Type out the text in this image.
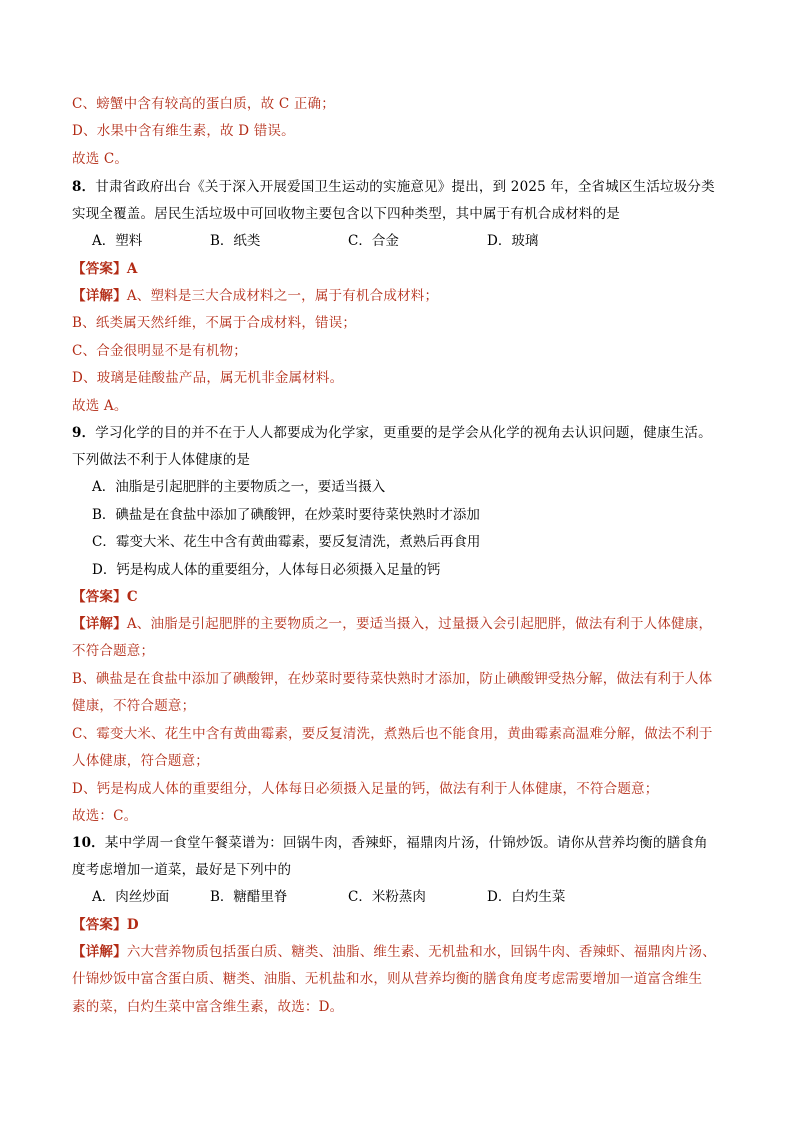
C、螃蟹中含有较高的蛋白质，故 C 正确；
D、水果中含有维生素，故 D 错误。
故选 C。
8．甘肃省政府出台《关于深入开展爱国卫生运动的实施意见》提出，到 2025 年，全省城区生活垃圾分类
实现全覆盖。居民生活垃圾中可回收物主要包含以下四种类型，其中属于有机合成材料的是
A．塑料	B．纸类	C．合金	D．玻璃
【答案】A
【详解】A、塑料是三大合成材料之一，属于有机合成材料；
B、纸类属天然纤维，不属于合成材料，错误；
C、合金很明显不是有机物；
D、玻璃是硅酸盐产品，属无机非金属材料。
故选 A。
9．学习化学的目的并不在于人人都要成为化学家，更重要的是学会从化学的视角去认识问题，健康生活。
下列做法不利于人体健康的是
A．油脂是引起肥胖的主要物质之一，要适当摄入
B．碘盐是在食盐中添加了碘酸钾，在炒菜时要待菜快熟时才添加
C．霉变大米、花生中含有黄曲霉素，要反复清洗，煮熟后再食用
D．钙是构成人体的重要组分，人体每日必须摄入足量的钙
【答案】C
【详解】A、油脂是引起肥胖的主要物质之一，要适当摄入，过量摄入会引起肥胖，做法有利于人体健康，
不符合题意；
B、碘盐是在食盐中添加了碘酸钾，在炒菜时要待菜快熟时才添加，防止碘酸钾受热分解，做法有利于人体
健康，不符合题意；
C、霉变大米、花生中含有黄曲霉素，要反复清洗，煮熟后也不能食用，黄曲霉素高温难分解，做法不利于
人体健康，符合题意；
D、钙是构成人体的重要组分，人体每日必须摄入足量的钙，做法有利于人体健康，不符合题意；
故选：C。
10．某中学周一食堂午餐菜谱为：回锅牛肉，香辣虾，福鼎肉片汤，什锦炒饭。请你从营养均衡的膳食角
度考虑增加一道菜，最好是下列中的
A．肉丝炒面	B．糖醋里脊	C．米粉蒸肉	D．白灼生菜
【答案】D
【详解】六大营养物质包括蛋白质、糖类、油脂、维生素、无机盐和水，回锅牛肉、香辣虾、福鼎肉片汤、
什锦炒饭中富含蛋白质、糖类、油脂、无机盐和水，则从营养均衡的膳食角度考虑需要增加一道富含维生
素的菜，白灼生菜中富含维生素，故选：D。
